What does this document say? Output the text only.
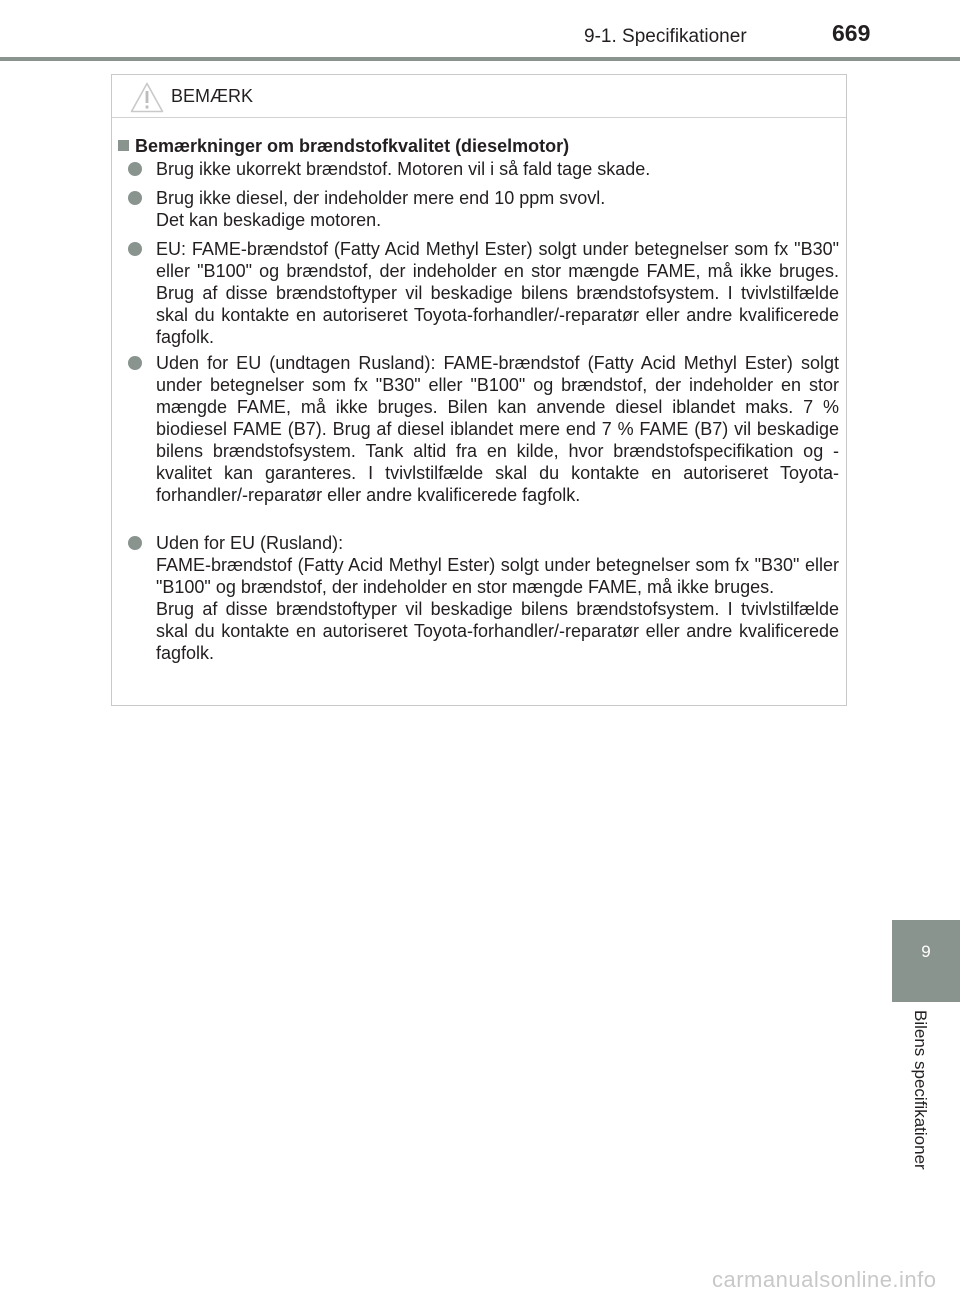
9-1. Specifikationer	669
BEMÆRK
Bemærkninger om brændstofkvalitet (dieselmotor)

Brug ikke ukorrekt brændstof. Motoren vil i så fald tage skade.

Brug ikke diesel, der indeholder mere end 10 ppm svovl.

Det kan beskadige motoren.

EU: FAME-brændstof (Fatty Acid Methyl Ester) solgt under betegnelser som fx "B30" eller "B100" og brændstof, der indeholder en stor mængde FAME, må ikke bruges. Brug af disse brændstoftyper vil beskadige bilens brændstofsystem. I tvivlstilfælde skal du kontakte en autoriseret Toyota-forhandler/-reparatør eller andre kvalificerede fagfolk.

Uden for EU (undtagen Rusland): FAME-brændstof (Fatty Acid Methyl Ester) solgt under betegnelser som fx "B30" eller "B100" og brændstof, der indeholder en stor mængde FAME, må ikke bruges. Bilen kan anvende diesel iblandet maks. 7 % biodiesel FAME (B7). Brug af diesel iblandet mere end 7 % FAME (B7) vil beskadige bilens brændstofsystem. Tank altid fra en kilde, hvor brændstofspecifikation og -kvalitet kan garanteres. I tvivlstilfælde skal du kontakte en autoriseret Toyota-forhandler/-reparatør eller andre kvalificerede fagfolk.

Uden for EU (Rusland):

FAME-brændstof (Fatty Acid Methyl Ester) solgt under betegnelser som fx "B30" eller "B100" og brændstof, der indeholder en stor mængde FAME, må ikke bruges.

Brug af disse brændstoftyper vil beskadige bilens brændstofsystem. I tvivlstilfælde skal du kontakte en autoriseret Toyota-forhandler/-reparatør eller andre kvalificerede fagfolk.

9
Bilens specifikationer
carmanualsonline.info
